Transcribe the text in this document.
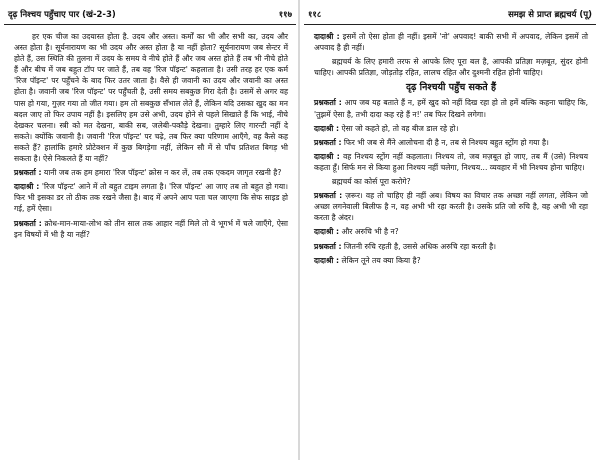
दृढ़ निश्चय पहुँचाए पार (खं-2-3)	११७

हर एक चीज का उदयास्त होता है. उदय और अस्त। कर्मों का भी और सभी का, उदय और अस्त होता है। सूर्यनारायण का भी उदय और अस्त होता है या नहीं होता? सूर्यनारायण जब सेन्टर में होते हैं, उस स्थिति की तुलना में उदय के समय वे नीचे होते हैं और जब अस्त होते हैं तब भी नीचे होते हैं और बीच में जब बहुत टॉप पर जाते हैं, तब वह 'रिज पॉइन्ट' कहलाता है। उसी तरह हर एक कर्म 'रिज पॉइन्ट' पर पहुँचने के बाद फिर उतर जाता है। वैसे ही जवानी का उदय और जवानी का अस्त होता है। जवानी जब 'रिज पॉइन्ट' पर पहुँचती है, उसी समय सबकुछ गिरा देती है। उसमें से अगर वह पास हो गया, गुज़र गया तो जीत गया। हम तो सबकुछ सँभाल लेते हैं, लेकिन यदि उसका खुद का मन बदल जाए तो फिर उपाय नहीं है। इसलिए हम उसे अभी, उदय होने से पहले सिखाते हैं कि भाई, नीचे देखकर चलना। स्त्री को मत देखना, बाकी सब, जलेबी-पकौड़े देखना। तुम्हारे लिए गारन्टी नहीं दे सकते। क्योंकि जवानी है। जवानी 'रिज पॉइन्ट' पर चढ़े, तब फिर क्या परिणाम आएँगे, वह कैसे कह सकते हैं? हालांकि हमारे प्रोटेक्शन में कुछ बिगड़ेगा नहीं, लेकिन सौ में से पाँच प्रतिशत बिगड़ भी सकता है। ऐसे निकलते हैं या नहीं?

प्रश्नकर्ता : यानी जब तक हम हमारा 'रिज पॉइन्ट' क्रोस न कर लें, तब तक एकदम जागृत रखनी है?

दादाश्री : 'रिज पॉइन्ट' आने में तो बहुत टाइम लगता है। 'रिज पॉइन्ट' आ जाए तब तो बहुत हो गया। फिर भी इसका डर तो ठीक तक रखने जैसा है। बाद में अपने आप पता चल जाएगा कि सेफ साइड हो गई, हमें ऐसा।

प्रश्नकर्ता : क्रोध-मान-माया-लोभ को तीन साल तक आहार नहीं मिले तो वे भूगर्भ में चले जाएँगे, ऐसा इन विषयों में भी है या नहीं?

११८	समझ से प्राप्त ब्रह्मचर्य (पू)

दादाश्री : इसमें तो ऐसा होता ही नहीं। इसमें 'नो' अपवाद! बाकी सभी में अपवाद, लेकिन इसमें तो अपवाद है ही नहीं।

ब्रह्मचर्य के लिए हमारी तरफ से आपके लिए पूरा बल है, आपकी प्रतिज्ञा मज़बूत, सुंदर होनी चाहिए। आपकी प्रतिज्ञा, जोड़तोड़ रहित, लालच रहित और दुश्मनी रहित होनी चाहिए।

दृढ़ निश्चयी पहुँच सकते हैं

प्रश्नकर्ता : आप जब यह बताते हैं न, हमें खुद को नहीं दिख रहा हो तो हमें बल्कि कहना चाहिए कि, 'तुझमें ऐसा है, तभी दादा कह रहे हैं न!' तब फिर दिखने लगेगा।

दादाश्री : ऐसा जो कहते हो, तो वह बीज डाल रहे हो।

प्रश्नकर्ता : फिर भी जब से मैंने आलोचना दी है न, तब से निश्चय बहुत स्ट्रोंग हो गया है।

दादाश्री : वह निश्चय स्ट्रोंग नहीं कहलाता। निश्चय तो, जब मज़बूत हो जाए, तब मैं (उसे) निश्चय कहता हूँ। सिर्फ मन से किया हुआ निश्चय नहीं चलेगा, निश्चय... व्यवहार में भी निश्चय होना चाहिए।

ब्रह्मचर्य का कोर्स पूरा करोगे?

प्रश्नकर्ता : ज़रूर। वह तो चाहिए ही नहीं अब। विषय का विचार तक अच्छा नहीं लगता, लेकिन जो अच्छा लगनेवाली बिलीफ है न, वह अभी भी रहा करती है। उसके प्रति जो रुचि है, वह अभी भी रहा करता है अंदर।

दादाश्री : और अरुचि भी है न?

प्रश्नकर्ता : जितनी रुचि रहती है, उससे अधिक अरुचि रहा करती है।

दादाश्री : लेकिन तूने तय क्या किया है?
